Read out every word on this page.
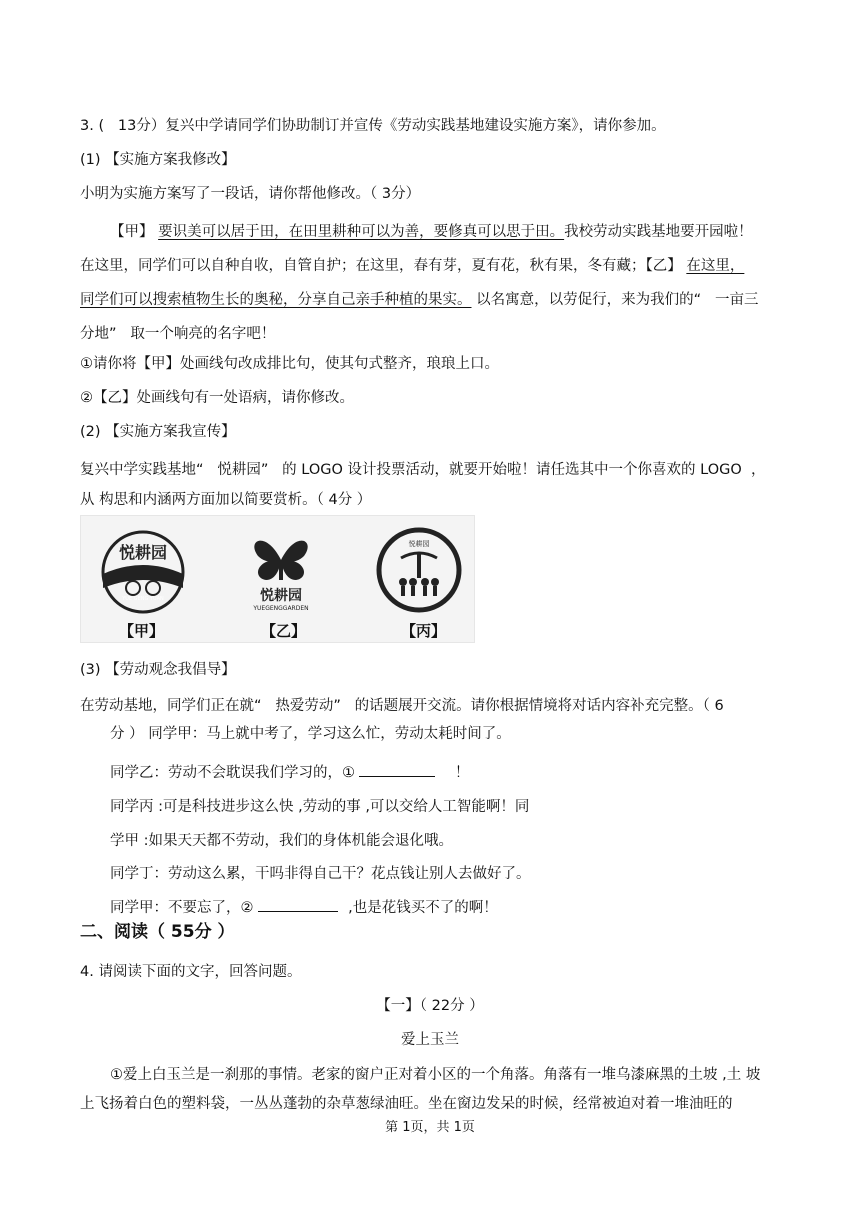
3. (   13分）复兴中学请同学们协助制订并宣传《劳动实践基地建设实施方案》，请你参加。
(1) 【实施方案我修改】
小明为实施方案写了一段话，请你帮他修改。（ 3分）
【甲】 要识美可以居于田，在田里耕种可以为善，要修真可以思于田。我校劳动实践基地要开园啦！
在这里，同学们可以自种自收，自管自护；在这里，春有芽，夏有花，秋有果，冬有藏；【乙】 在这里，
同学们可以搜索植物生长的奥秘，分享自己亲手种植的果实。 以名寓意，以劳促行，来为我们的“   一亩三
分地”   取一个响亮的名字吧！
①请你将【甲】处画线句改成排比句，使其句式整齐，琅琅上口。
②【乙】处画线句有一处语病，请你修改。
(2) 【实施方案我宣传】
复兴中学实践基地“   悦耕园”   的 LOGO 设计投票活动，就要开始啦！请任选其中一个你喜欢的 LOGO  ，
从 构思和内涵两方面加以简要赏析。（ 4分 ）
悦耕园
YUE GENG YUAN
【甲】
悦耕园
YUEGENGGARDEN
【乙】
悦耕园
【丙】
(3) 【劳动观念我倡导】
在劳动基地，同学们正在就“   热爱劳动”   的话题展开交流。请你根据情境将对话内容补充完整。（ 6
分 ） 同学甲：马上就中考了，学习这么忙，劳动太耗时间了。
同学乙：劳动不会耽误我们学习的，①	！
同学丙 :可是科技进步这么快 ,劳动的事 ,可以交给人工智能啊！同
学甲 :如果天天都不劳动，我们的身体机能会退化哦。
同学丁：劳动这么累，干吗非得自己干？花点钱让别人去做好了。
同学甲：不要忘了，②	,也是花钱买不了的啊！
二、阅读（ 55分 ）
4. 请阅读下面的文字，回答问题。
【一】（ 22分 ）
爱上玉兰
①爱上白玉兰是一刹那的事情。老家的窗户正对着小区的一个角落。角落有一堆乌漆麻黑的土坡 ,土 坡
上飞扬着白色的塑料袋，一丛丛蓬勃的杂草葱绿油旺。坐在窗边发呆的时候，经常被迫对着一堆油旺的
第 1页，共 1页
